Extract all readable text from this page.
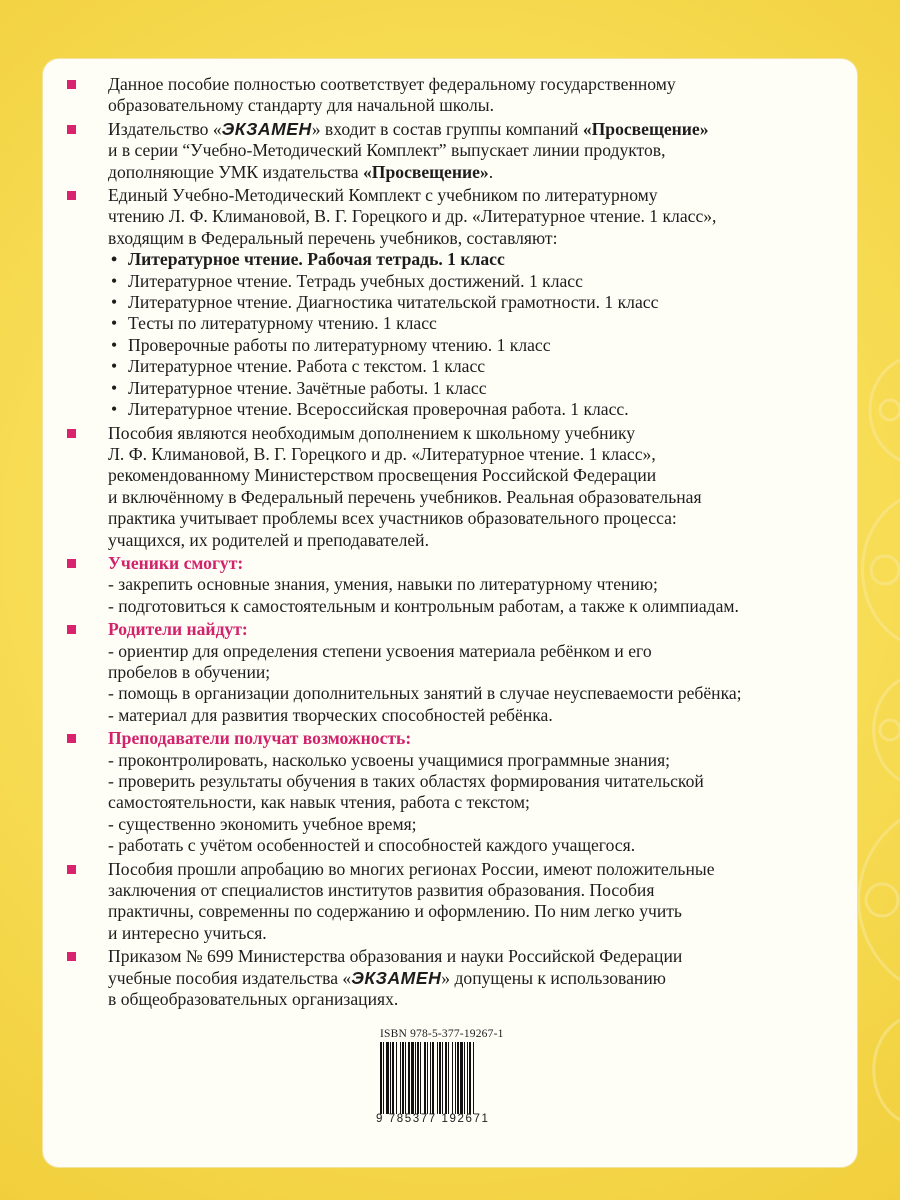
Данное пособие полностью соответствует федеральному государственному
образовательному стандарту для начальной школы.
Издательство «ЭКЗАМЕН» входит в состав группы компаний «Просвещение»
и в серии “Учебно-Методический Комплект” выпускает линии продуктов,
дополняющие УМК издательства «Просвещение».
Единый Учебно-Методический Комплект с учебником по литературному
чтению Л. Ф. Климановой, В. Г. Горецкого и др. «Литературное чтение. 1 класс»,
входящим в Федеральный перечень учебников, составляют:
• Литературное чтение. Рабочая тетрадь. 1 класс
• Литературное чтение. Тетрадь учебных достижений. 1 класс
• Литературное чтение. Диагностика читательской грамотности. 1 класс
• Тесты по литературному чтению. 1 класс
• Проверочные работы по литературному чтению. 1 класс
• Литературное чтение. Работа с текстом. 1 класс
• Литературное чтение. Зачётные работы. 1 класс
• Литературное чтение. Всероссийская проверочная работа. 1 класс.
Пособия являются необходимым дополнением к школьному учебнику
Л. Ф. Климановой, В. Г. Горецкого и др. «Литературное чтение. 1 класс»,
рекомендованному Министерством просвещения Российской Федерации
и включённому в Федеральный перечень учебников. Реальная образовательная
практика учитывает проблемы всех участников образовательного процесса:
учащихся, их родителей и преподавателей.
Ученики смогут:
- закрепить основные знания, умения, навыки по литературному чтению;
- подготовиться к самостоятельным и контрольным работам, а также к олимпиадам.
Родители найдут:
- ориентир для определения степени усвоения материала ребёнком и его
пробелов в обучении;
- помощь в организации дополнительных занятий в случае неуспеваемости ребёнка;
- материал для развития творческих способностей ребёнка.
Преподаватели получат возможность:
- проконтролировать, насколько усвоены учащимися программные знания;
- проверить результаты обучения в таких областях формирования читательской
самостоятельности, как навык чтения, работа с текстом;
- существенно экономить учебное время;
- работать с учётом особенностей и способностей каждого учащегося.
Пособия прошли апробацию во многих регионах России, имеют положительные
заключения от специалистов институтов развития образования. Пособия
практичны, современны по содержанию и оформлению. По ним легко учить
и интересно учиться.
Приказом № 699 Министерства образования и науки Российской Федерации
учебные пособия издательства «ЭКЗАМЕН» допущены к использованию
в общеобразовательных организациях.
ISBN 978-5-377-19267-1
9 785377 192671
